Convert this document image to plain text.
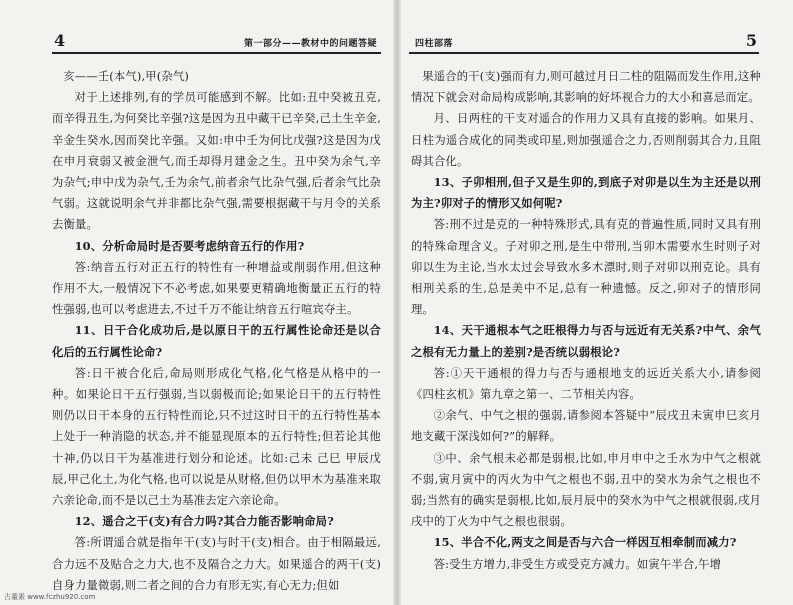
4	第一部分——教材中的问题答疑

亥——壬(本气),甲(杂气)

对于上述排列,有的学员可能感到不解。比如:丑中癸被丑克,而辛得丑生,为何癸比辛强?这是因为丑中藏干已辛癸,己土生辛金,辛金生癸水,因而癸比辛强。又如:申中壬为何比戊强?这是因为戊在申月衰弱又被金泄气,而壬却得月建金之生。丑中癸为余气,辛为杂气;申中戊为杂气,壬为余气,前者余气比杂气强,后者余气比杂气弱。这就说明余气并非都比杂气强,需要根据藏干与月令的关系去衡量。

10、分析命局时是否要考虑纳音五行的作用?

答:纳音五行对正五行的特性有一种增益或削弱作用,但这种作用不大,一般情况下不必考虑,如果要更精确地衡量正五行的特性强弱,也可以考虑进去,不过千万不能让纳音五行喧宾夺主。

11、日干合化成功后,是以原日干的五行属性论命还是以合化后的五行属性论命?

答:日干被合化后,命局则形成化气格,化气格是从格中的一种。如果论日干五行强弱,当以弱极而论;如果论日干的五行特性则仍以日干本身的五行特性而论,只不过这时日干的五行特性基本上处于一种消隐的状态,并不能显现原本的五行特性;但若论其他十神,仍以日干为基准进行划分和论述。比如:己未 己巳 甲辰戊辰,甲己化土,为化气格,也可以说是从财格,但仍以甲木为基准来取六亲论命,而不是以己土为基准去定六亲论命。

12、遥合之干(支)有合力吗?其合力能否影响命局?

答:所谓遥合就是指年干(支)与时干(支)相合。由于相隔最远,合力远不及贴合之力大,也不及隔合之力大。如果遥合的两干(支)自身力量微弱,则二者之间的合力有形无实,有心无力;但如

四柱部落	5

果遥合的干(支)强而有力,则可越过月日二柱的阻隔而发生作用,这种情况下就会对命局构成影响,其影响的好坏视合力的大小和喜忌而定。

月、日两柱的干支对遥合的作用力又具有直接的影响。如果月、日柱为遥合成化的同类或印星,则加强遥合之力,否则削弱其合力,且阻碍其合化。

13、子卯相刑,但子又是生卯的,到底子对卯是以生为主还是以刑为主?卯对子的情形又如何呢?

答:刑不过是克的一种特殊形式,具有克的普遍性质,同时又具有刑的特殊命理含义。子对卯之刑,是生中带刑,当卯木需要水生时则子对卯以生为主论,当水太过会导致水多木漂时,则子对卯以刑克论。具有相刑关系的生,总是美中不足,总有一种遗憾。反之,卯对子的情形同理。

14、天干通根本气之旺根得力与否与远近有无关系?中气、余气之根有无力量上的差别?是否统以弱根论?

答:①天干通根的得力与否与通根地支的远近关系大小,请参阅《四柱玄机》第九章之第一、二节相关内容。

②余气、中气之根的强弱,请参阅本答疑中“辰戌丑未寅申巳亥月地支藏干深浅如何?”的解释。

③中、余气根未必都是弱根,比如,申月申中之壬水为中气之根就不弱,寅月寅中的丙火为中气之根也不弱,丑中的癸水为余气之根也不弱;当然有的确实是弱根,比如,辰月辰中的癸水为中气之根就很弱,戌月戌中的丁火为中气之根也很弱。

15、半合不化,两支之间是否与六合一样因互相牵制而减力?

答:受生方增力,非受生方或受克方减力。如寅午半合,午增

古董素 www.fczhu920.com
